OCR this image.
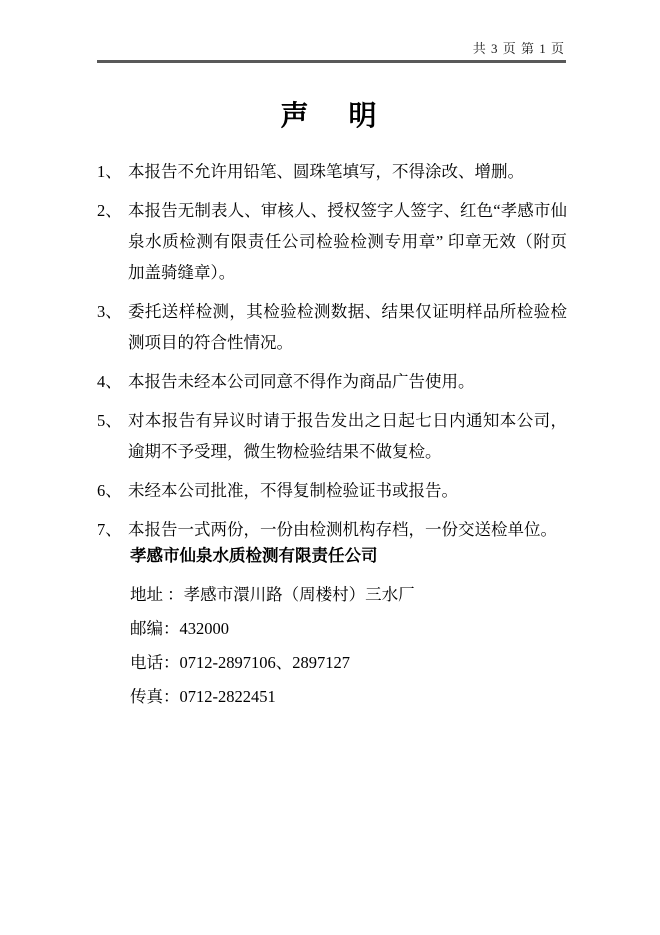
共 3 页 第 1 页
声　明
1、 本报告不允许用铅笔、圆珠笔填写，不得涂改、增删。
2、 本报告无制表人、审核人、授权签字人签字、红色“孝感市仙泉水质检测有限责任公司检验检测专用章” 印章无效（附页加盖骑缝章）。
3、 委托送样检测，其检验检测数据、结果仅证明样品所检验检测项目的符合性情况。
4、 本报告未经本公司同意不得作为商品广告使用。
5、 对本报告有异议时请于报告发出之日起七日内通知本公司，逾期不予受理，微生物检验结果不做复检。
6、 未经本公司批准，不得复制检验证书或报告。
7、 本报告一式两份，一份由检测机构存档，一份交送检单位。
孝感市仙泉水质检测有限责任公司
地址 ： 孝感市澴川路（周楼村）三水厂
邮编： 432000
电话： 0712-2897106、2897127
传真： 0712-2822451
